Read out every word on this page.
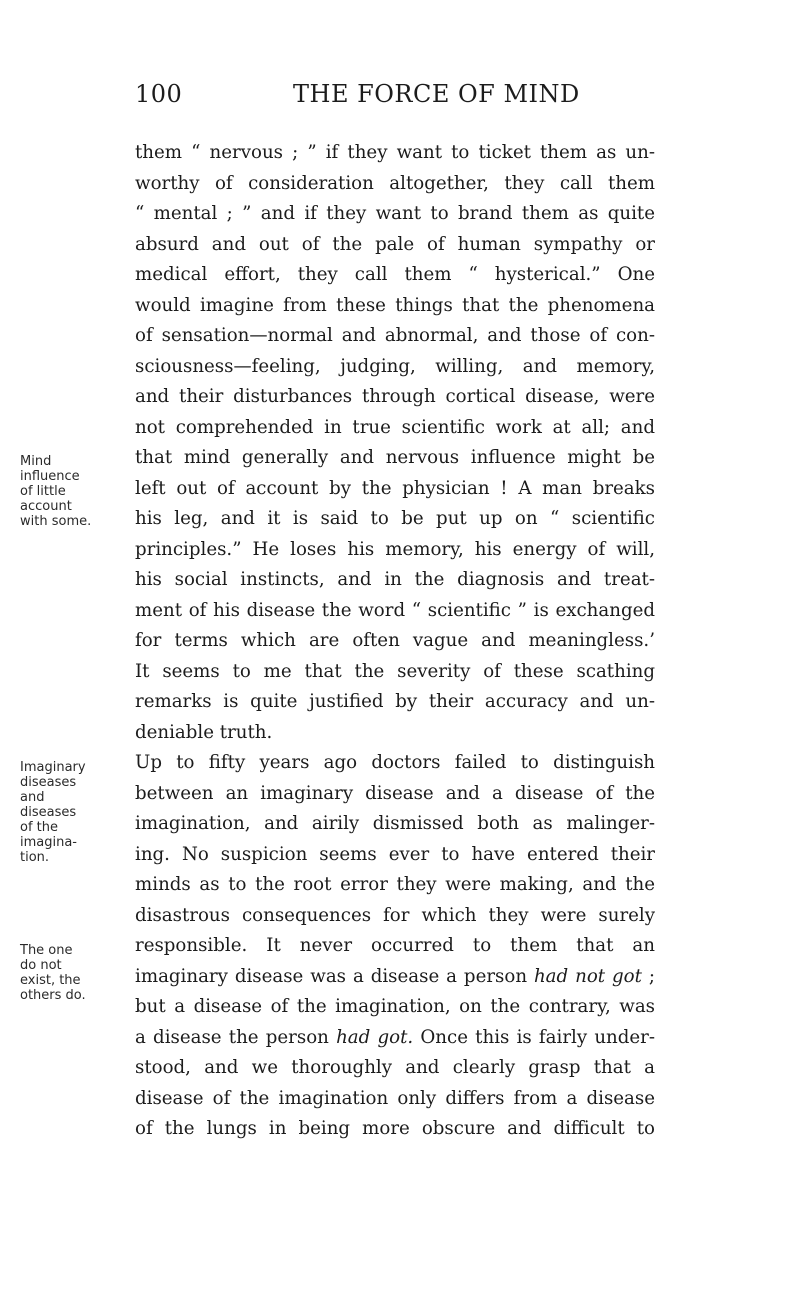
100	THE FORCE OF MIND
them “ nervous ; ” if they want to ticket them as un-
worthy of consideration altogether, they call them
“ mental ; ” and if they want to brand them as quite
absurd and out of the pale of human sympathy or
medical effort, they call them “ hysterical.” One
would imagine from these things that the phenomena
of sensation—normal and abnormal, and those of con-
sciousness—feeling, judging, willing, and memory,
and their disturbances through cortical disease, were
not comprehended in true scientific work at all; and
that mind generally and nervous influence might be
left out of account by the physician ! A man breaks
his leg, and it is said to be put up on “ scientific
principles.” He loses his memory, his energy of will,
his social instincts, and in the diagnosis and treat-
ment of his disease the word “ scientific ” is exchanged
for terms which are often vague and meaningless.’
It seems to me that the severity of these scathing
remarks is quite justified by their accuracy and un-
deniable truth.
Up to fifty years ago doctors failed to distinguish
between an imaginary disease and a disease of the
imagination, and airily dismissed both as malinger-
ing. No suspicion seems ever to have entered their
minds as to the root error they were making, and the
disastrous consequences for which they were surely
responsible. It never occurred to them that an
imaginary disease was a disease a person had not got ;
but a disease of the imagination, on the contrary, was
a disease the person had got. Once this is fairly under-
stood, and we thoroughly and clearly grasp that a
disease of the imagination only differs from a disease
of the lungs in being more obscure and difficult to
Mind
influence
of little
account
with some.
Imaginary
diseases
and
diseases
of the
imagina-
tion.
The one
do not
exist, the
others do.
